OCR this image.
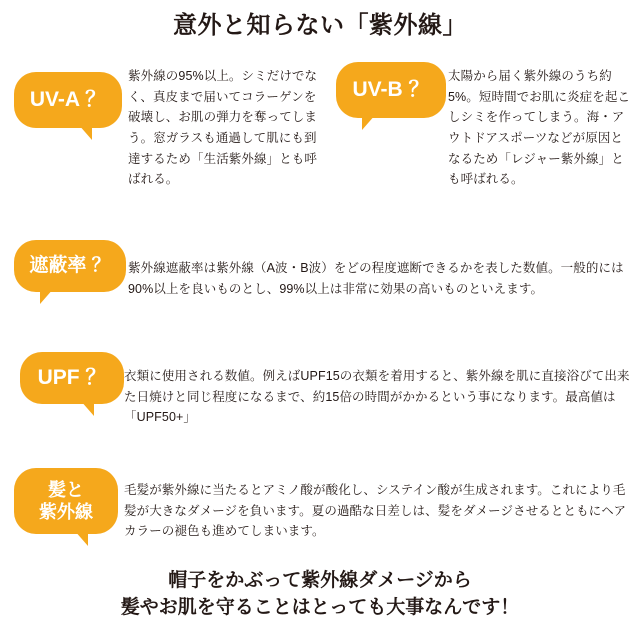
意外と知らない「紫外線」
UV-A ？
紫外線の95%以上。シミだけでなく、真皮まで届いてコラーゲンを破壊し、お肌の弾力を奪ってしまう。窓ガラスも通過して肌にも到達するため「生活紫外線」とも呼ばれる。
UV-B ？
太陽から届く紫外線のうち約5%。短時間でお肌に炎症を起こしシミを作ってしまう。海・アウトドアスポーツなどが原因となるため「レジャー紫外線」とも呼ばれる。
遮蔽率 ？ 紫外線遮蔽率は紫外線（A波・B波）をどの程度遮断できるかを表した数値。一般的には90%以上を良いものとし、99%以上は非常に効果の高いものといえます。
UPF ？ 衣類に使用される数値。例えばUPF15の衣類を着用すると、紫外線を肌に直接浴びて出来た日焼けと同じ程度になるまで、約15倍の時間がかかるという事になります。最高値は「UPF50+」
髪と
紫外線
毛髪が紫外線に当たるとアミノ酸が酸化し、システイン酸が生成されます。これにより毛髪が大きなダメージを負います。夏の過酷な日差しは、髪をダメージさせるとともにヘアカラーの褪色も進めてしまいます。
帽子をかぶって紫外線ダメージから
髪やお肌を守ることはとっても大事なんです！
